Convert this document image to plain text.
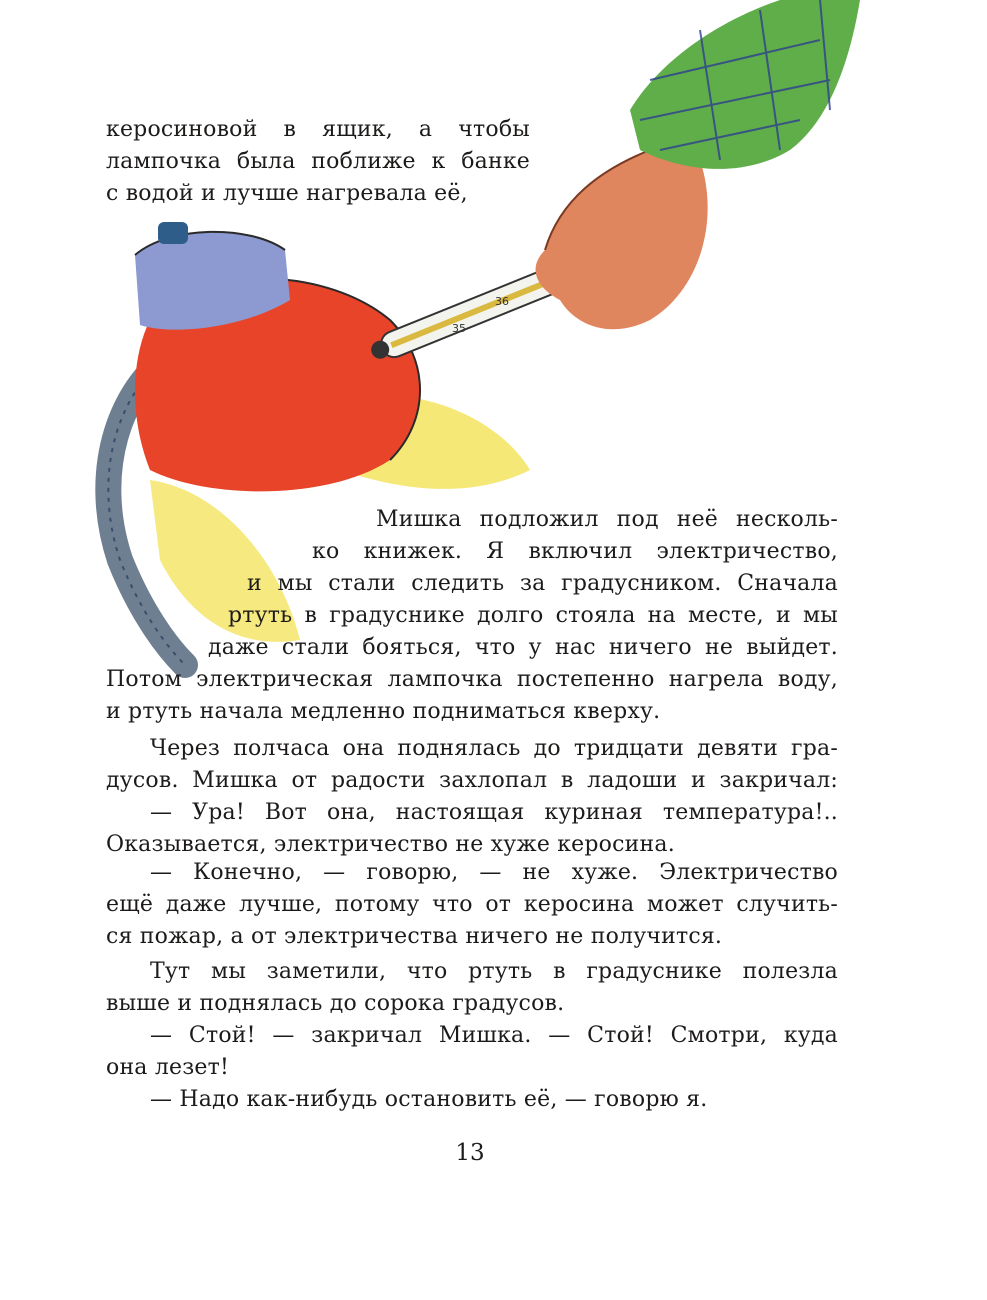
35
36

керосиновой в ящик, а чтобы

лампочка была поближе к банке

с водой и лучше нагревала её,

Мишка подложил под неё несколь-

ко книжек. Я включил электричество,

и мы стали следить за градусником. Сначала

ртуть в градуснике долго стояла на месте, и мы

даже стали бояться, что у нас ничего не выйдет.

Потом электрическая лампочка постепенно нагрела воду,

и ртуть начала медленно подниматься кверху.

Через полчаса она поднялась до тридцати девяти гра-

дусов. Мишка от радости захлопал в ладоши и закричал:

— Ура! Вот она, настоящая куриная температура!..

Оказывается, электричество не хуже керосина.

— Конечно, — говорю, — не хуже. Электричество

ещё даже лучше, потому что от керосина может случить-

ся пожар, а от электричества ничего не получится.

Тут мы заметили, что ртуть в градуснике полезла

выше и поднялась до сорока градусов.

— Стой! — закричал Мишка. — Стой! Смотри, куда

она лезет!

— Надо как-нибудь остановить её, — говорю я.

13
